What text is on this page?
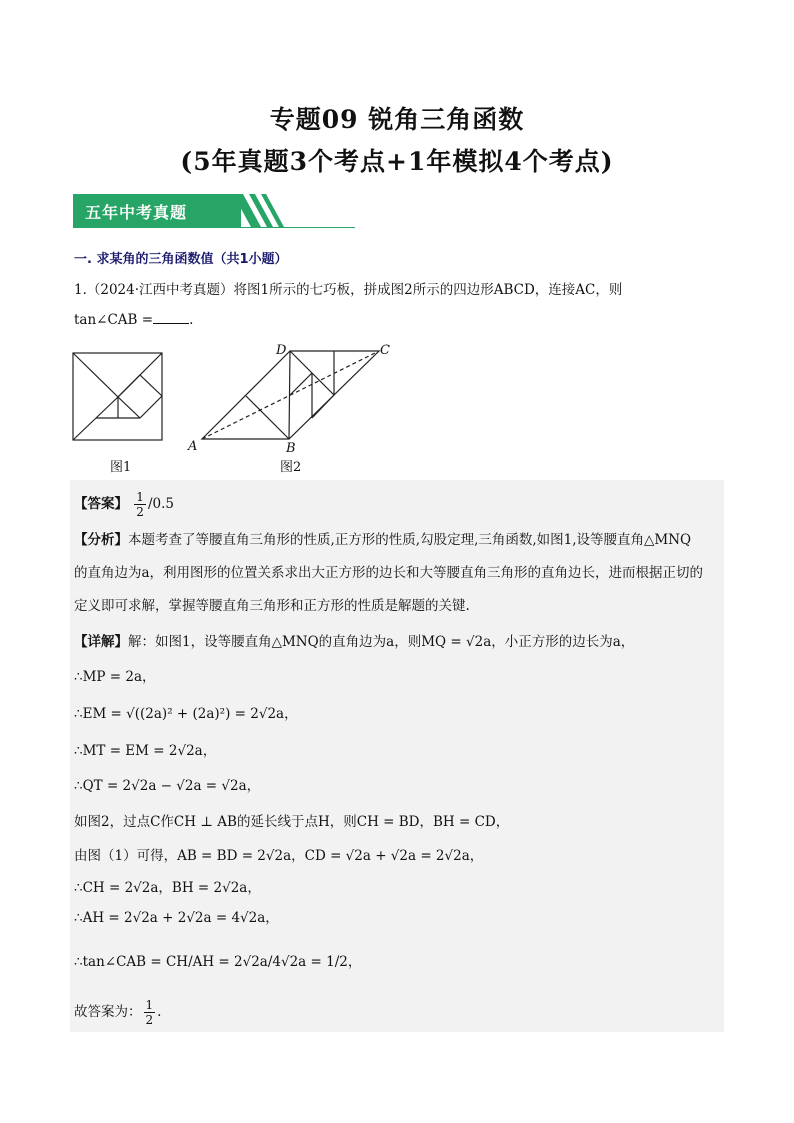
专题09 锐角三角函数
(5年真题3个考点+1年模拟4个考点)
五年中考真题
一. 求某角的三角函数值（共1小题）
1.（2024·江西中考真题）将图1所示的七巧板，拼成图2所示的四边形ABCD，连接AC，则
tan∠CAB =	.
图1
A	B
C
D
图2
【答案】 $\frac{1}{2} /0.5$
【分析】本题考查了等腰直角三角形的性质,正方形的性质,勾股定理,三角函数,如图1,设等腰直角△MNQ
的直角边为a，利用图形的位置关系求出大正方形的边长和大等腰直角三角形的直角边长，进而根据正切的
定义即可求解，掌握等腰直角三角形和正方形的性质是解题的关键.
【详解】解：如图1，设等腰直角△MNQ的直角边为a，则MQ = √2a，小正方形的边长为a，
∴MP = 2a，
∴EM = √((2a)² + (2a)²) = 2√2a，
∴MT = EM = 2√2a，
∴QT = 2√2a − √2a = √2a，
如图2，过点C作CH ⊥ AB的延长线于点H，则CH = BD，BH = CD，
由图（1）可得，AB = BD = 2√2a，CD = √2a + √2a = 2√2a，
∴CH = 2√2a，BH = 2√2a，
∴AH = 2√2a + 2√2a = 4√2a，
∴tan∠CAB = CH/AH = 2√2a/4√2a = 1/2，
故答案为： $\frac{1}{2}$ .
